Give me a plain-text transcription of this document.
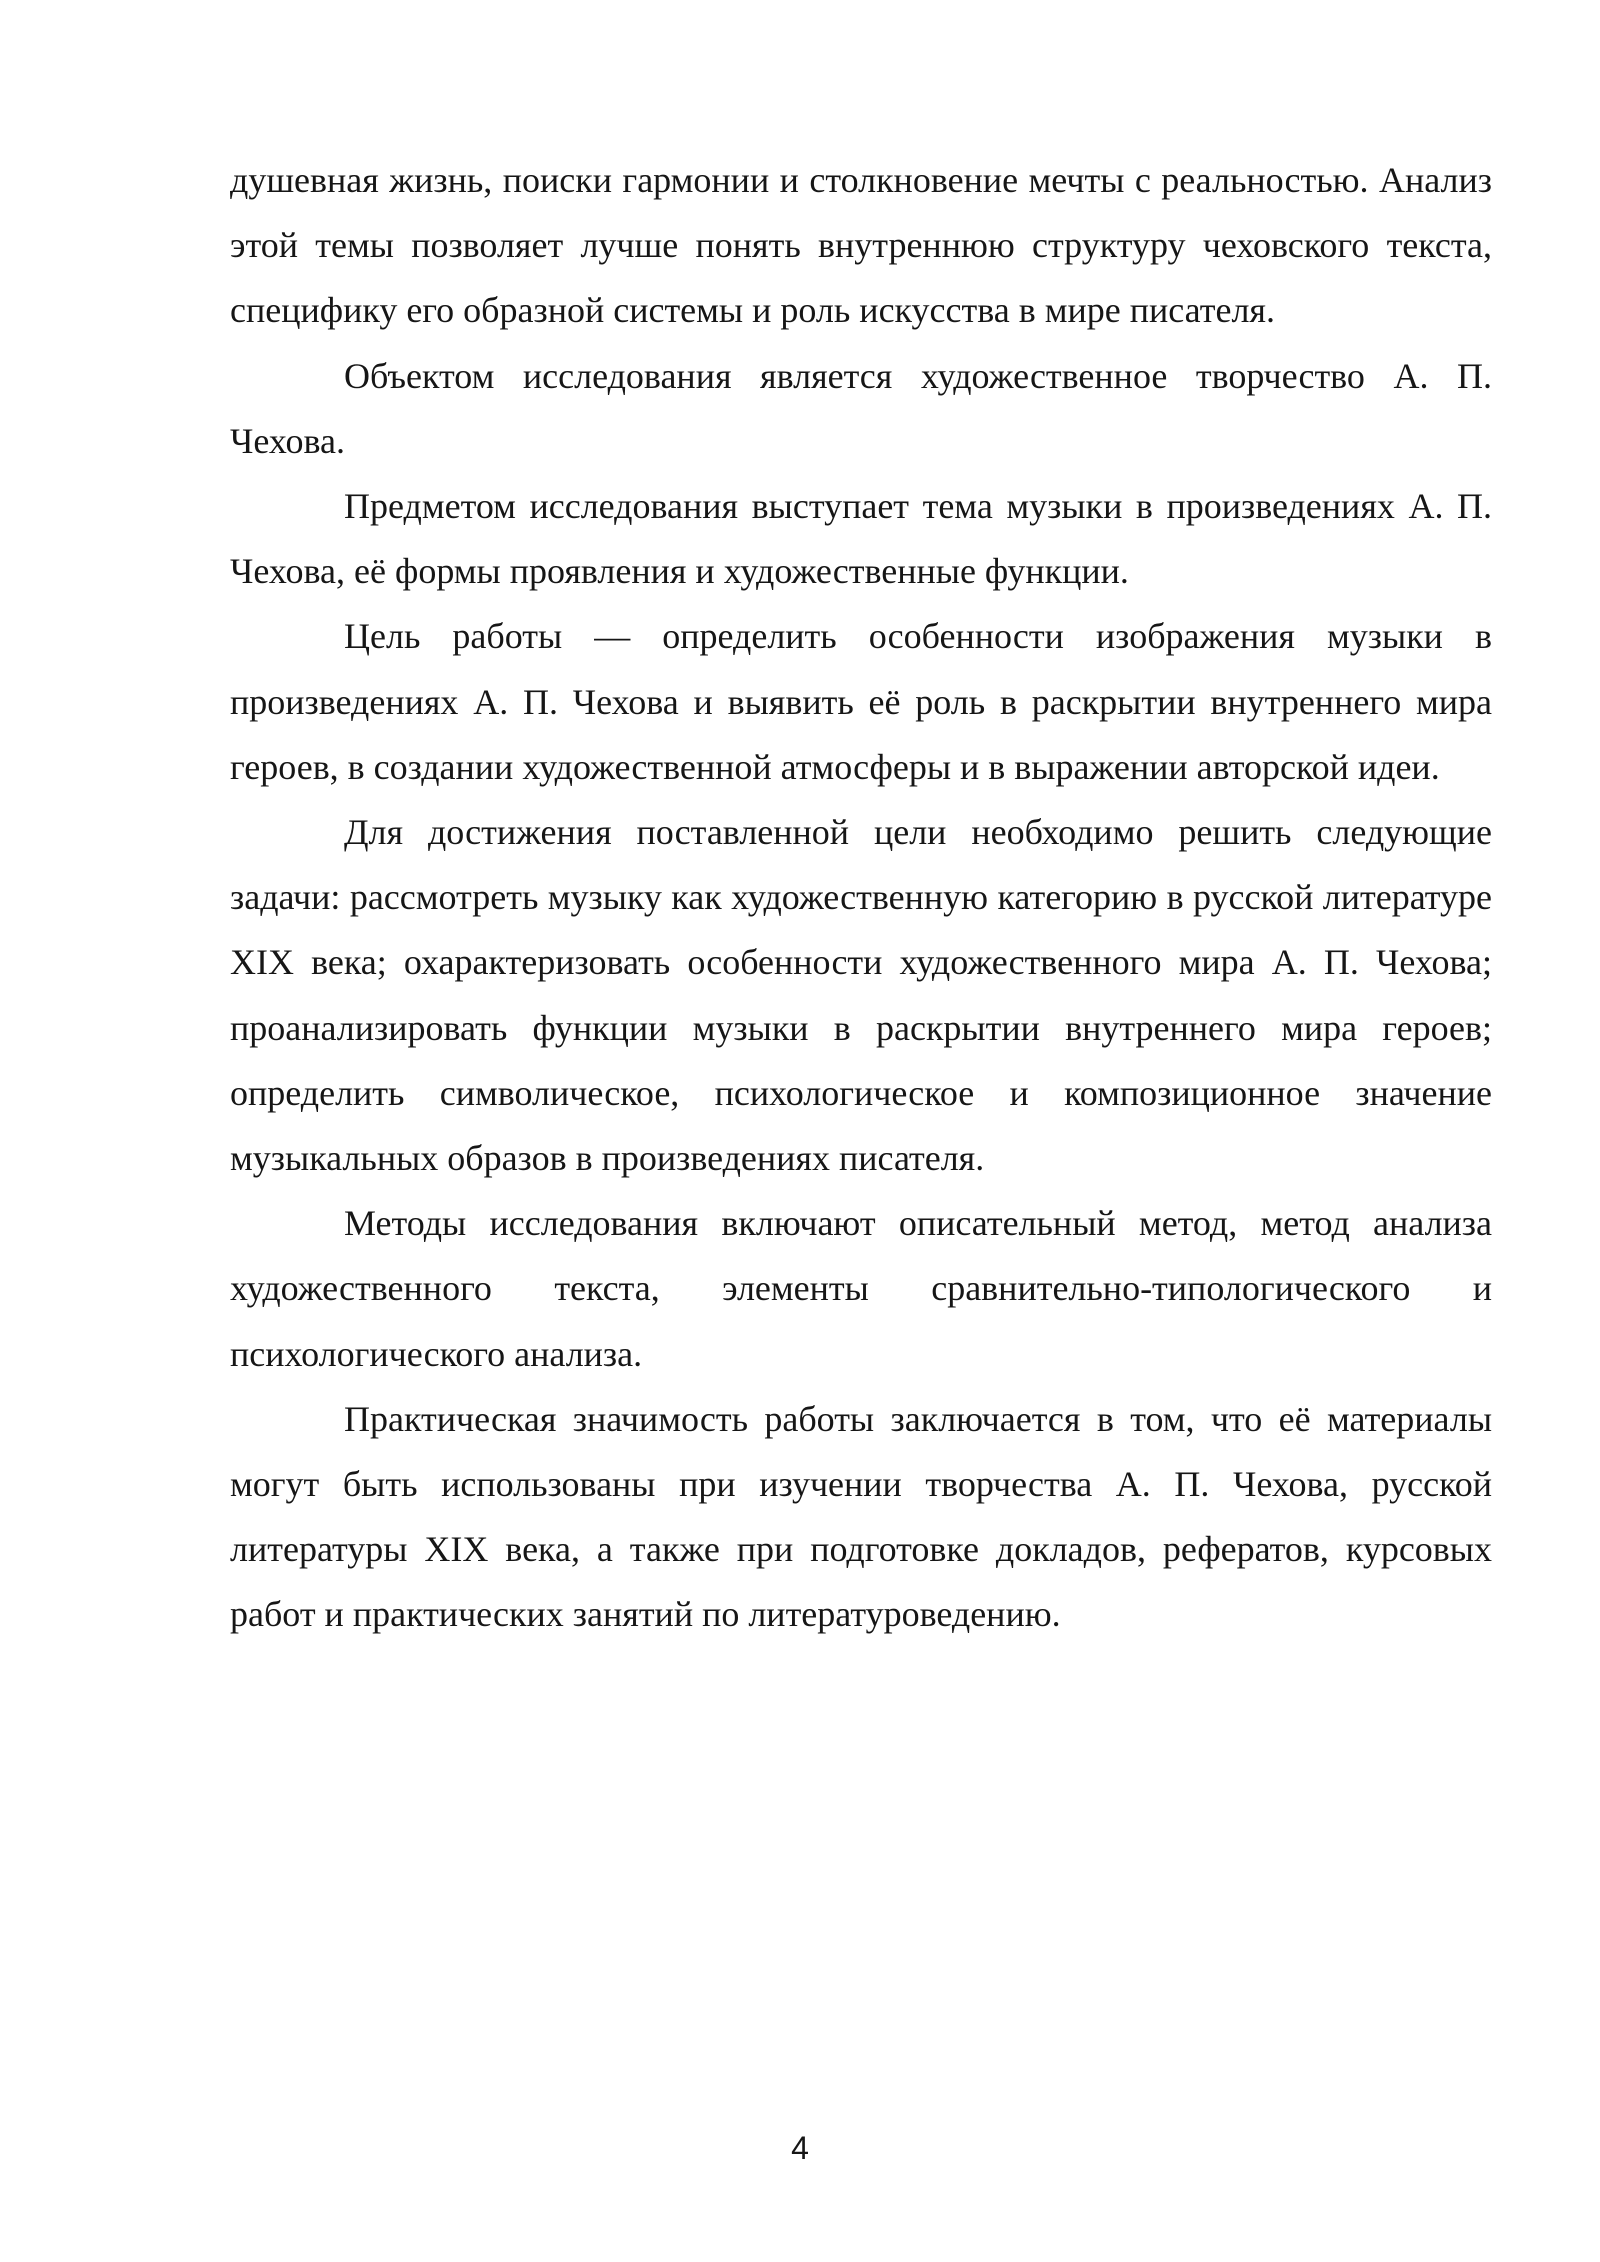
душевная жизнь, поиски гармонии и столкновение мечты с реальностью. Анализ этой темы позволяет лучше понять внутреннюю структуру чеховского текста, специфику его образной системы и роль искусства в мире писателя.

Объектом исследования является художественное творчество А. П. Чехова.

Предметом исследования выступает тема музыки в произведениях А. П. Чехова, её формы проявления и художественные функции.

Цель работы — определить особенности изображения музыки в произведениях А. П. Чехова и выявить её роль в раскрытии внутреннего мира героев, в создании художественной атмосферы и в выражении авторской идеи.

Для достижения поставленной цели необходимо решить следующие задачи: рассмотреть музыку как художественную категорию в русской литературе XIX века; охарактеризовать особенности художественного мира А. П. Чехова; проанализировать функции музыки в раскрытии внутреннего мира героев; определить символическое, психологическое и композиционное значение музыкальных образов в произведениях писателя.

Методы исследования включают описательный метод, метод анализа художественного текста, элементы сравнительно-типологического и психологического анализа.

Практическая значимость работы заключается в том, что её материалы могут быть использованы при изучении творчества А. П. Чехова, русской литературы XIX века, а также при подготовке докладов, рефератов, курсовых работ и практических занятий по литературоведению.

4
